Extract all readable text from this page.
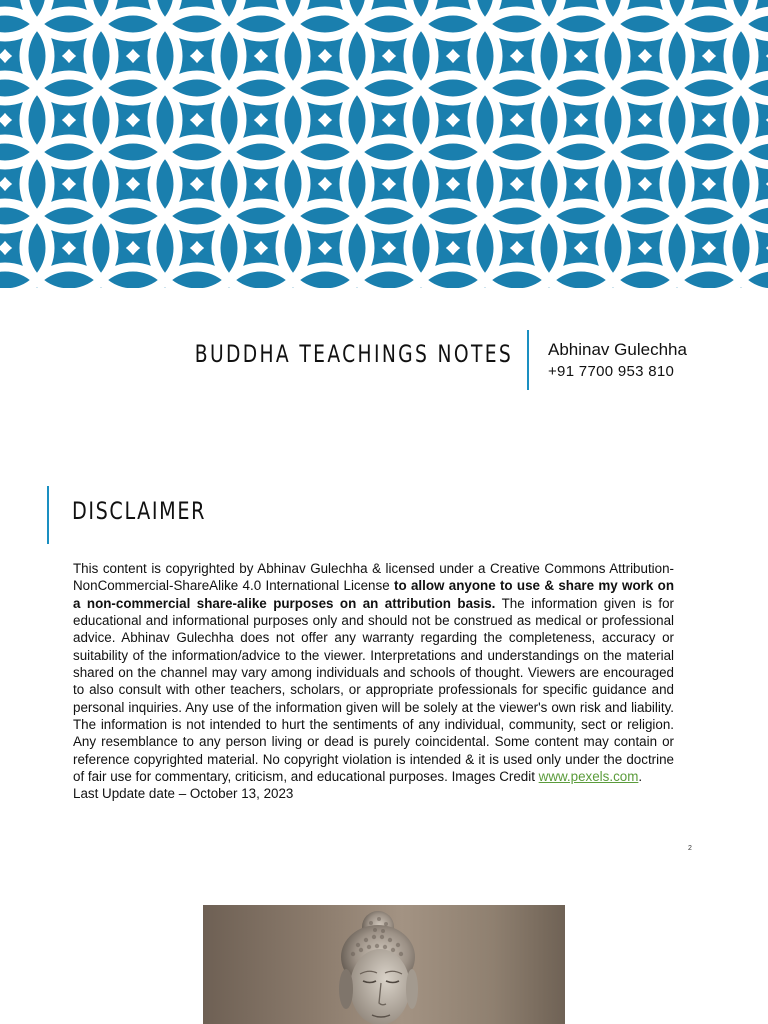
BUDDHA TEACHINGS NOTES Abhinav Gulechha
+91 7700 953 810
DISCLAIMER
This content is copyrighted by Abhinav Gulechha & licensed under a Creative Commons Attribution-NonCommercial-ShareAlike 4.0 International License to allow anyone to use & share my work on a non-commercial share-alike purposes on an attribution basis. The information given is for educational and informational purposes only and should not be construed as medical or professional advice. Abhinav Gulechha does not offer any warranty regarding the completeness, accuracy or suitability of the information/advice to the viewer. Interpretations and understandings on the material shared on the channel may vary among individuals and schools of thought. Viewers are encouraged to also consult with other teachers, scholars, or appropriate professionals for specific guidance and personal inquiries. Any use of the information given will be solely at the viewer's own risk and liability. The information is not intended to hurt the sentiments of any individual, community, sect or religion. Any resemblance to any person living or dead is purely coincidental. Some content may contain or reference copyrighted material. No copyright violation is intended & it is used only under the doctrine of fair use for commentary, criticism, and educational purposes. Images Credit www.pexels.com.
Last Update date – October 13, 2023
2
